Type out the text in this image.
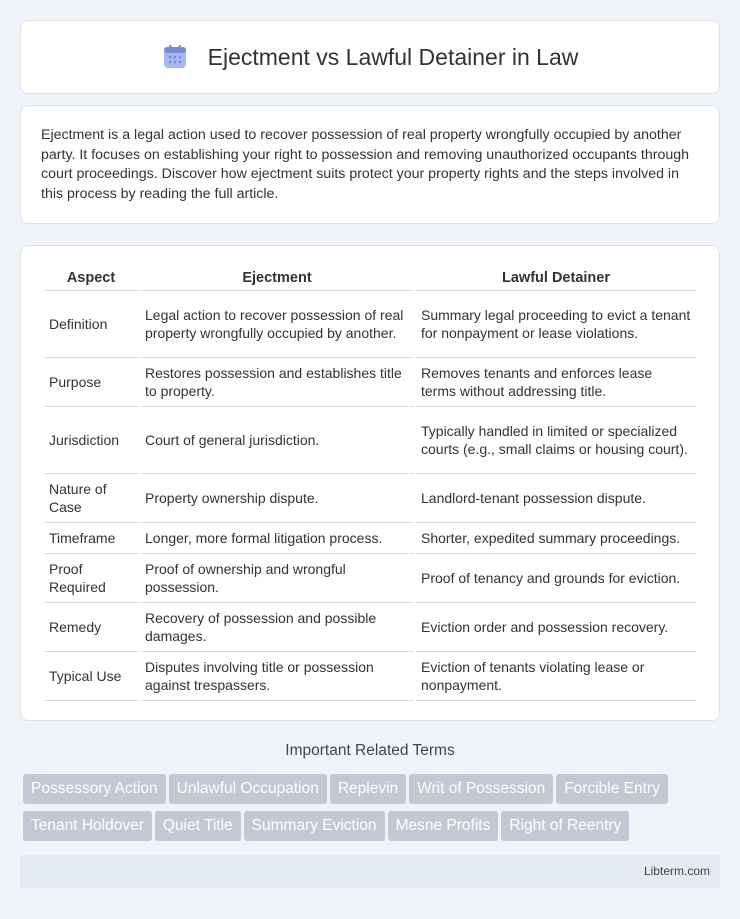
Ejectment vs Lawful Detainer in Law

Ejectment is a legal action used to recover possession of real property wrongfully occupied by another party. It focuses on establishing your right to possession and removing unauthorized occupants through court proceedings. Discover how ejectment suits protect your property rights and the steps involved in this process by reading the full article.

Aspect	Ejectment	Lawful Detainer
Definition	Legal action to recover possession of real property wrongfully occupied by another.	Summary legal proceeding to evict a tenant for nonpayment or lease violations.
Purpose	Restores possession and establishes title to property.	Removes tenants and enforces lease terms without addressing title.
Jurisdiction	Court of general jurisdiction.	Typically handled in limited or specialized courts (e.g., small claims or housing court).
Nature of Case	Property ownership dispute.	Landlord-tenant possession dispute.
Timeframe	Longer, more formal litigation process.	Shorter, expedited summary proceedings.
Proof Required	Proof of ownership and wrongful possession.	Proof of tenancy and grounds for eviction.
Remedy	Recovery of possession and possible damages.	Eviction order and possession recovery.
Typical Use	Disputes involving title or possession against trespassers.	Eviction of tenants violating lease or nonpayment.
Important Related Terms
Possessory Action Unlawful Occupation Replevin Writ of Possession Forcible Entry
Tenant Holdover Quiet Title Summary Eviction Mesne Profits Right of Reentry
Libterm.com
